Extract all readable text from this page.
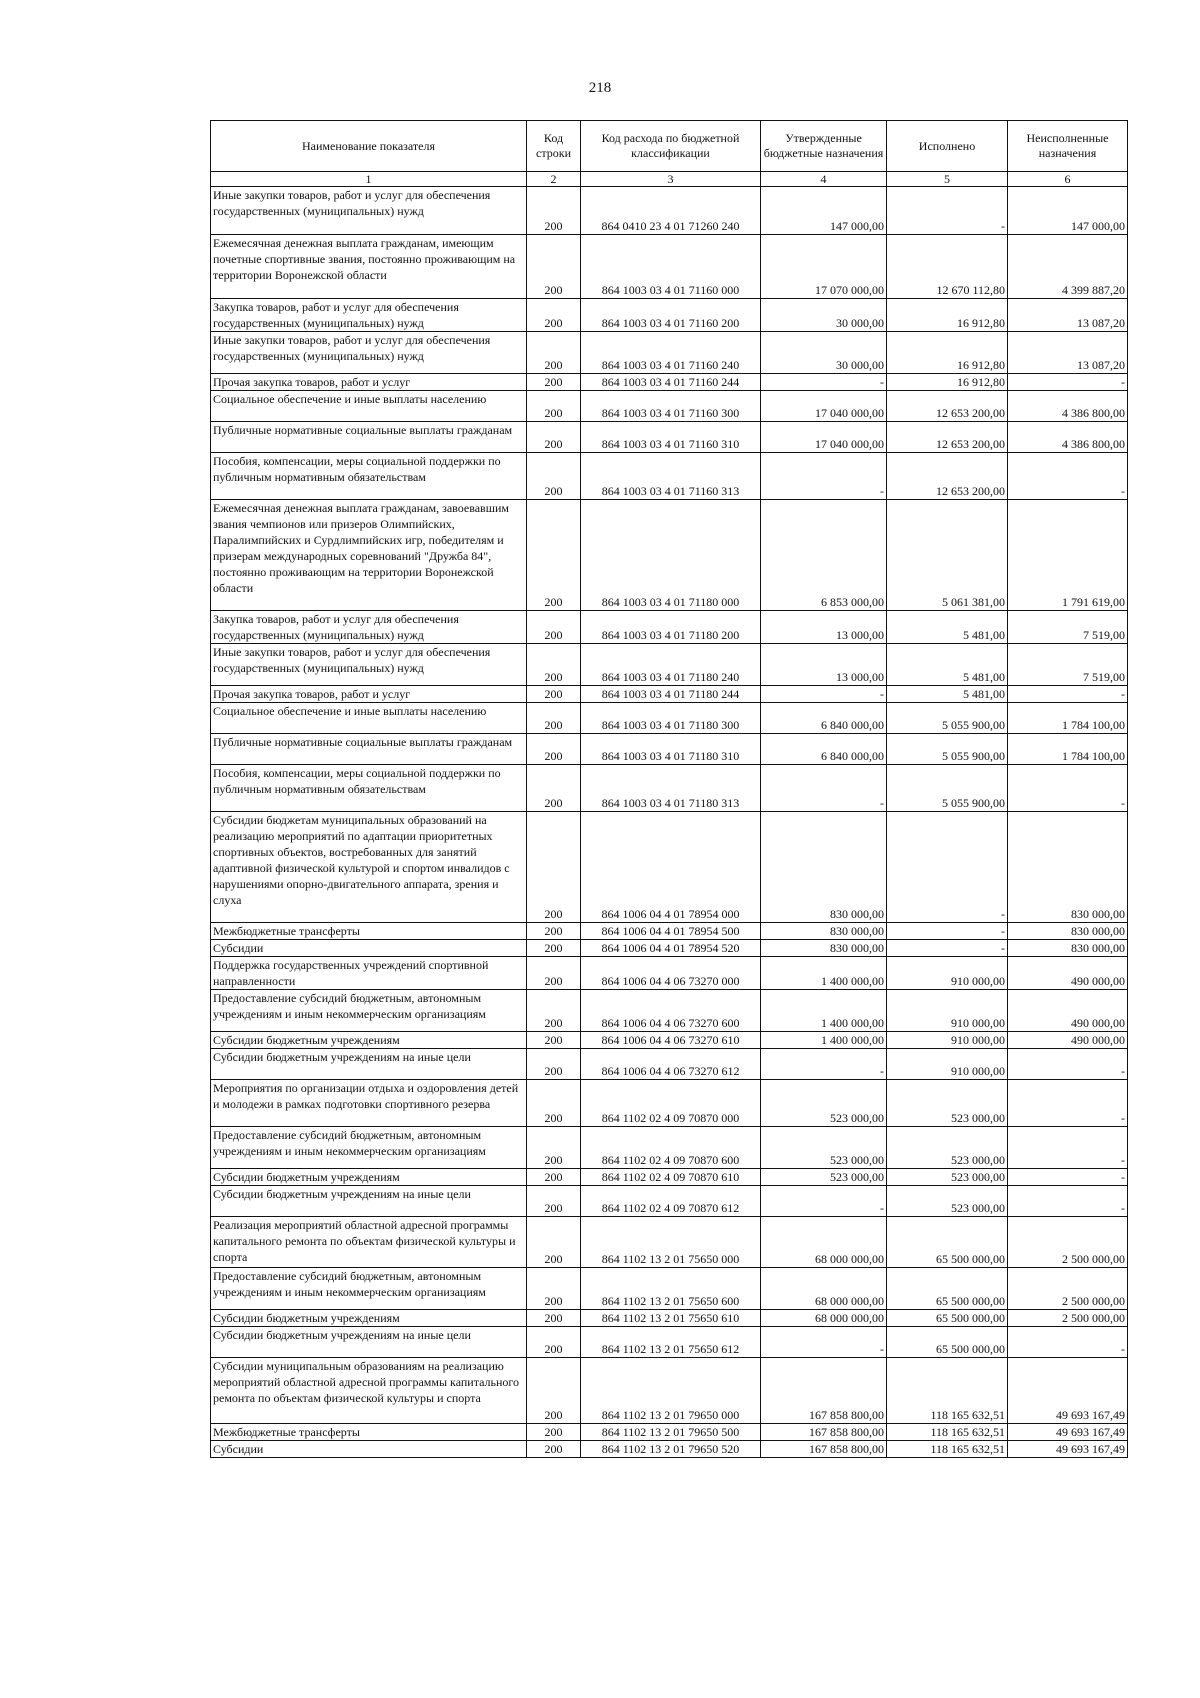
218
Наименование показателя	Код строки	Код расхода по бюджетной классификации	Утвержденные бюджетные назначения	Исполнено	Неисполненные назначения
1	2	3	4	5	6
Иные закупки товаров, работ и услуг для обеспечения государственных (муниципальных) нужд	200	864 0410 23 4 01 71260 240	147 000,00	-	147 000,00
Ежемесячная денежная выплата гражданам, имеющим почетные спортивные звания, постоянно проживающим на территории Воронежской области	200	864 1003 03 4 01 71160 000	17 070 000,00	12 670 112,80	4 399 887,20
Закупка товаров, работ и услуг для обеспечения государственных (муниципальных) нужд	200	864 1003 03 4 01 71160 200	30 000,00	16 912,80	13 087,20
Иные закупки товаров, работ и услуг для обеспечения государственных (муниципальных) нужд	200	864 1003 03 4 01 71160 240	30 000,00	16 912,80	13 087,20
Прочая закупка товаров, работ и услуг	200	864 1003 03 4 01 71160 244	-	16 912,80	-
Социальное обеспечение и иные выплаты населению	200	864 1003 03 4 01 71160 300	17 040 000,00	12 653 200,00	4 386 800,00
Публичные нормативные социальные выплаты гражданам	200	864 1003 03 4 01 71160 310	17 040 000,00	12 653 200,00	4 386 800,00
Пособия, компенсации, меры социальной поддержки по публичным нормативным обязательствам	200	864 1003 03 4 01 71160 313	-	12 653 200,00	-
Ежемесячная денежная выплата гражданам, завоевавшим звания чемпионов или призеров Олимпийских, Паралимпийских и Сурдлимпийских игр, победителям и призерам международных соревнований "Дружба 84", постоянно проживающим на территории Воронежской области	200	864 1003 03 4 01 71180 000	6 853 000,00	5 061 381,00	1 791 619,00
Закупка товаров, работ и услуг для обеспечения государственных (муниципальных) нужд	200	864 1003 03 4 01 71180 200	13 000,00	5 481,00	7 519,00
Иные закупки товаров, работ и услуг для обеспечения государственных (муниципальных) нужд	200	864 1003 03 4 01 71180 240	13 000,00	5 481,00	7 519,00
Прочая закупка товаров, работ и услуг	200	864 1003 03 4 01 71180 244	-	5 481,00	-
Социальное обеспечение и иные выплаты населению	200	864 1003 03 4 01 71180 300	6 840 000,00	5 055 900,00	1 784 100,00
Публичные нормативные социальные выплаты гражданам	200	864 1003 03 4 01 71180 310	6 840 000,00	5 055 900,00	1 784 100,00
Пособия, компенсации, меры социальной поддержки по публичным нормативным обязательствам	200	864 1003 03 4 01 71180 313	-	5 055 900,00	-
Субсидии бюджетам муниципальных образований на реализацию мероприятий по адаптации приоритетных спортивных объектов, востребованных для занятий адаптивной физической культурой и спортом инвалидов с нарушениями опорно-двигательного аппарата, зрения и слуха	200	864 1006 04 4 01 78954 000	830 000,00	-	830 000,00
Межбюджетные трансферты	200	864 1006 04 4 01 78954 500	830 000,00	-	830 000,00
Субсидии	200	864 1006 04 4 01 78954 520	830 000,00	-	830 000,00
Поддержка государственных учреждений спортивной направленности	200	864 1006 04 4 06 73270 000	1 400 000,00	910 000,00	490 000,00
Предоставление субсидий бюджетным, автономным учреждениям и иным некоммерческим организациям	200	864 1006 04 4 06 73270 600	1 400 000,00	910 000,00	490 000,00
Субсидии бюджетным учреждениям	200	864 1006 04 4 06 73270 610	1 400 000,00	910 000,00	490 000,00
Субсидии бюджетным учреждениям на иные цели	200	864 1006 04 4 06 73270 612	-	910 000,00	-
Мероприятия по организации отдыха и оздоровления детей и молодежи в рамках подготовки спортивного резерва	200	864 1102 02 4 09 70870 000	523 000,00	523 000,00	-
Предоставление субсидий бюджетным, автономным учреждениям и иным некоммерческим организациям	200	864 1102 02 4 09 70870 600	523 000,00	523 000,00	-
Субсидии бюджетным учреждениям	200	864 1102 02 4 09 70870 610	523 000,00	523 000,00	-
Субсидии бюджетным учреждениям на иные цели	200	864 1102 02 4 09 70870 612	-	523 000,00	-
Реализация мероприятий областной адресной программы капитального ремонта по объектам физической культуры и спорта	200	864 1102 13 2 01 75650 000	68 000 000,00	65 500 000,00	2 500 000,00
Предоставление субсидий бюджетным, автономным учреждениям и иным некоммерческим организациям	200	864 1102 13 2 01 75650 600	68 000 000,00	65 500 000,00	2 500 000,00
Субсидии бюджетным учреждениям	200	864 1102 13 2 01 75650 610	68 000 000,00	65 500 000,00	2 500 000,00
Субсидии бюджетным учреждениям на иные цели	200	864 1102 13 2 01 75650 612	-	65 500 000,00	-
Субсидии муниципальным образованиям на реализацию мероприятий областной адресной программы капитального ремонта по объектам физической культуры и спорта	200	864 1102 13 2 01 79650 000	167 858 800,00	118 165 632,51	49 693 167,49
Межбюджетные трансферты	200	864 1102 13 2 01 79650 500	167 858 800,00	118 165 632,51	49 693 167,49
Субсидии	200	864 1102 13 2 01 79650 520	167 858 800,00	118 165 632,51	49 693 167,49
